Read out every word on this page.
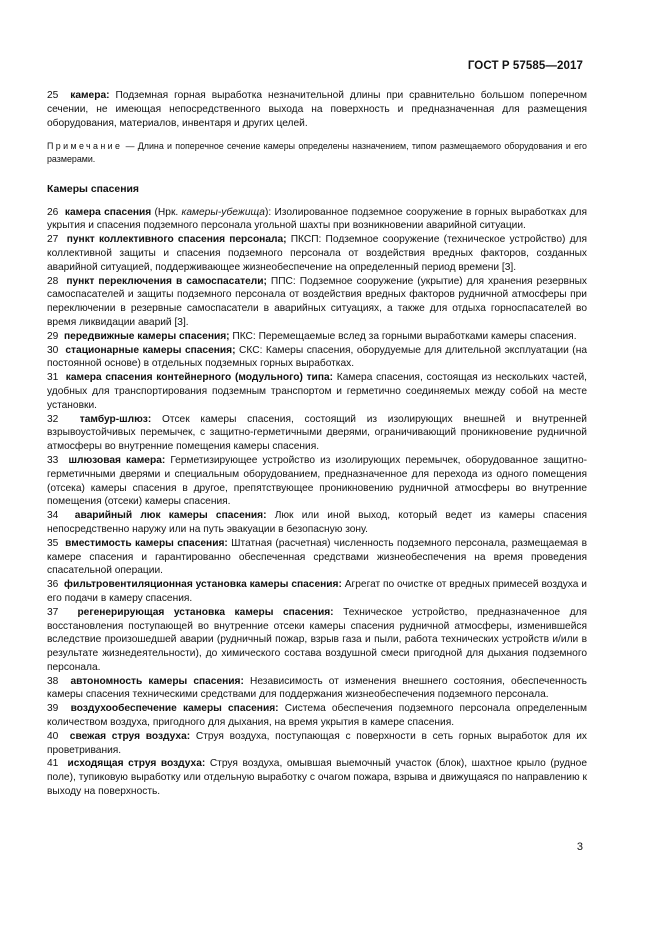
ГОСТ Р 57585—2017

25 камера: Подземная горная выработка незначительной длины при сравнительно большом поперечном сечении, не имеющая непосредственного выхода на поверхность и предназначенная для размещения оборудования, материалов, инвентаря и других целей.

Примечание — Длина и поперечное сечение камеры определены назначением, типом размещаемого оборудования и его размерами.

Камеры спасения

26 камера спасения (Нрк. камеры-убежища): Изолированное подземное сооружение в горных выработках для укрытия и спасения подземного персонала угольной шахты при возникновении аварийной ситуации.

27 пункт коллективного спасения персонала; ПКСП: Подземное сооружение (техническое устройство) для коллективной защиты и спасения подземного персонала от воздействия вредных факторов, созданных аварийной ситуацией, поддерживающее жизнеобеспечение на определенный период времени [3].

28 пункт переключения в самоспасатели; ППС: Подземное сооружение (укрытие) для хранения резервных самоспасателей и защиты подземного персонала от воздействия вредных факторов рудничной атмосферы при переключении в резервные самоспасатели в аварийных ситуациях, а также для отдыха горноспасателей во время ликвидации аварий [3].

29 передвижные камеры спасения; ПКС: Перемещаемые вслед за горными выработками камеры спасения.

30 стационарные камеры спасения; СКС: Камеры спасения, оборудуемые для длительной эксплуатации (на постоянной основе) в отдельных подземных горных выработках.

31 камера спасения контейнерного (модульного) типа: Камера спасения, состоящая из нескольких частей, удобных для транспортирования подземным транспортом и герметично соединяемых между собой на месте установки.

32 тамбур-шлюз: Отсек камеры спасения, состоящий из изолирующих внешней и внутренней взрывоустойчивых перемычек, с защитно-герметичными дверями, ограничивающий проникновение рудничной атмосферы во внутренние помещения камеры спасения.

33 шлюзовая камера: Герметизирующее устройство из изолирующих перемычек, оборудованное защитно-герметичными дверями и специальным оборудованием, предназначенное для перехода из одного помещения (отсека) камеры спасения в другое, препятствующее проникновению рудничной атмосферы во внутренние помещения (отсеки) камеры спасения.

34 аварийный люк камеры спасения: Люк или иной выход, который ведет из камеры спасения непосредственно наружу или на путь эвакуации в безопасную зону.

35 вместимость камеры спасения: Штатная (расчетная) численность подземного персонала, размещаемая в камере спасения и гарантированно обеспеченная средствами жизнеобеспечения на время проведения спасательной операции.

36 фильтровентиляционная установка камеры спасения: Агрегат по очистке от вредных примесей воздуха и его подачи в камеру спасения.

37 регенерирующая установка камеры спасения: Техническое устройство, предназначенное для восстановления поступающей во внутренние отсеки камеры спасения рудничной атмосферы, изменившейся вследствие произошедшей аварии (рудничный пожар, взрыв газа и пыли, работа технических устройств и/или в результате жизнедеятельности), до химического состава воздушной смеси пригодной для дыхания подземного персонала.

38 автономность камеры спасения: Независимость от изменения внешнего состояния, обеспеченность камеры спасения техническими средствами для поддержания жизнеобеспечения подземного персонала.

39 воздухообеспечение камеры спасения: Система обеспечения подземного персонала определенным количеством воздуха, пригодного для дыхания, на время укрытия в камере спасения.

40 свежая струя воздуха: Струя воздуха, поступающая с поверхности в сеть горных выработок для их проветривания.

41 исходящая струя воздуха: Струя воздуха, омывшая выемочный участок (блок), шахтное крыло (рудное поле), тупиковую выработку или отдельную выработку с очагом пожара, взрыва и движущаяся по направлению к выходу на поверхность.

3
